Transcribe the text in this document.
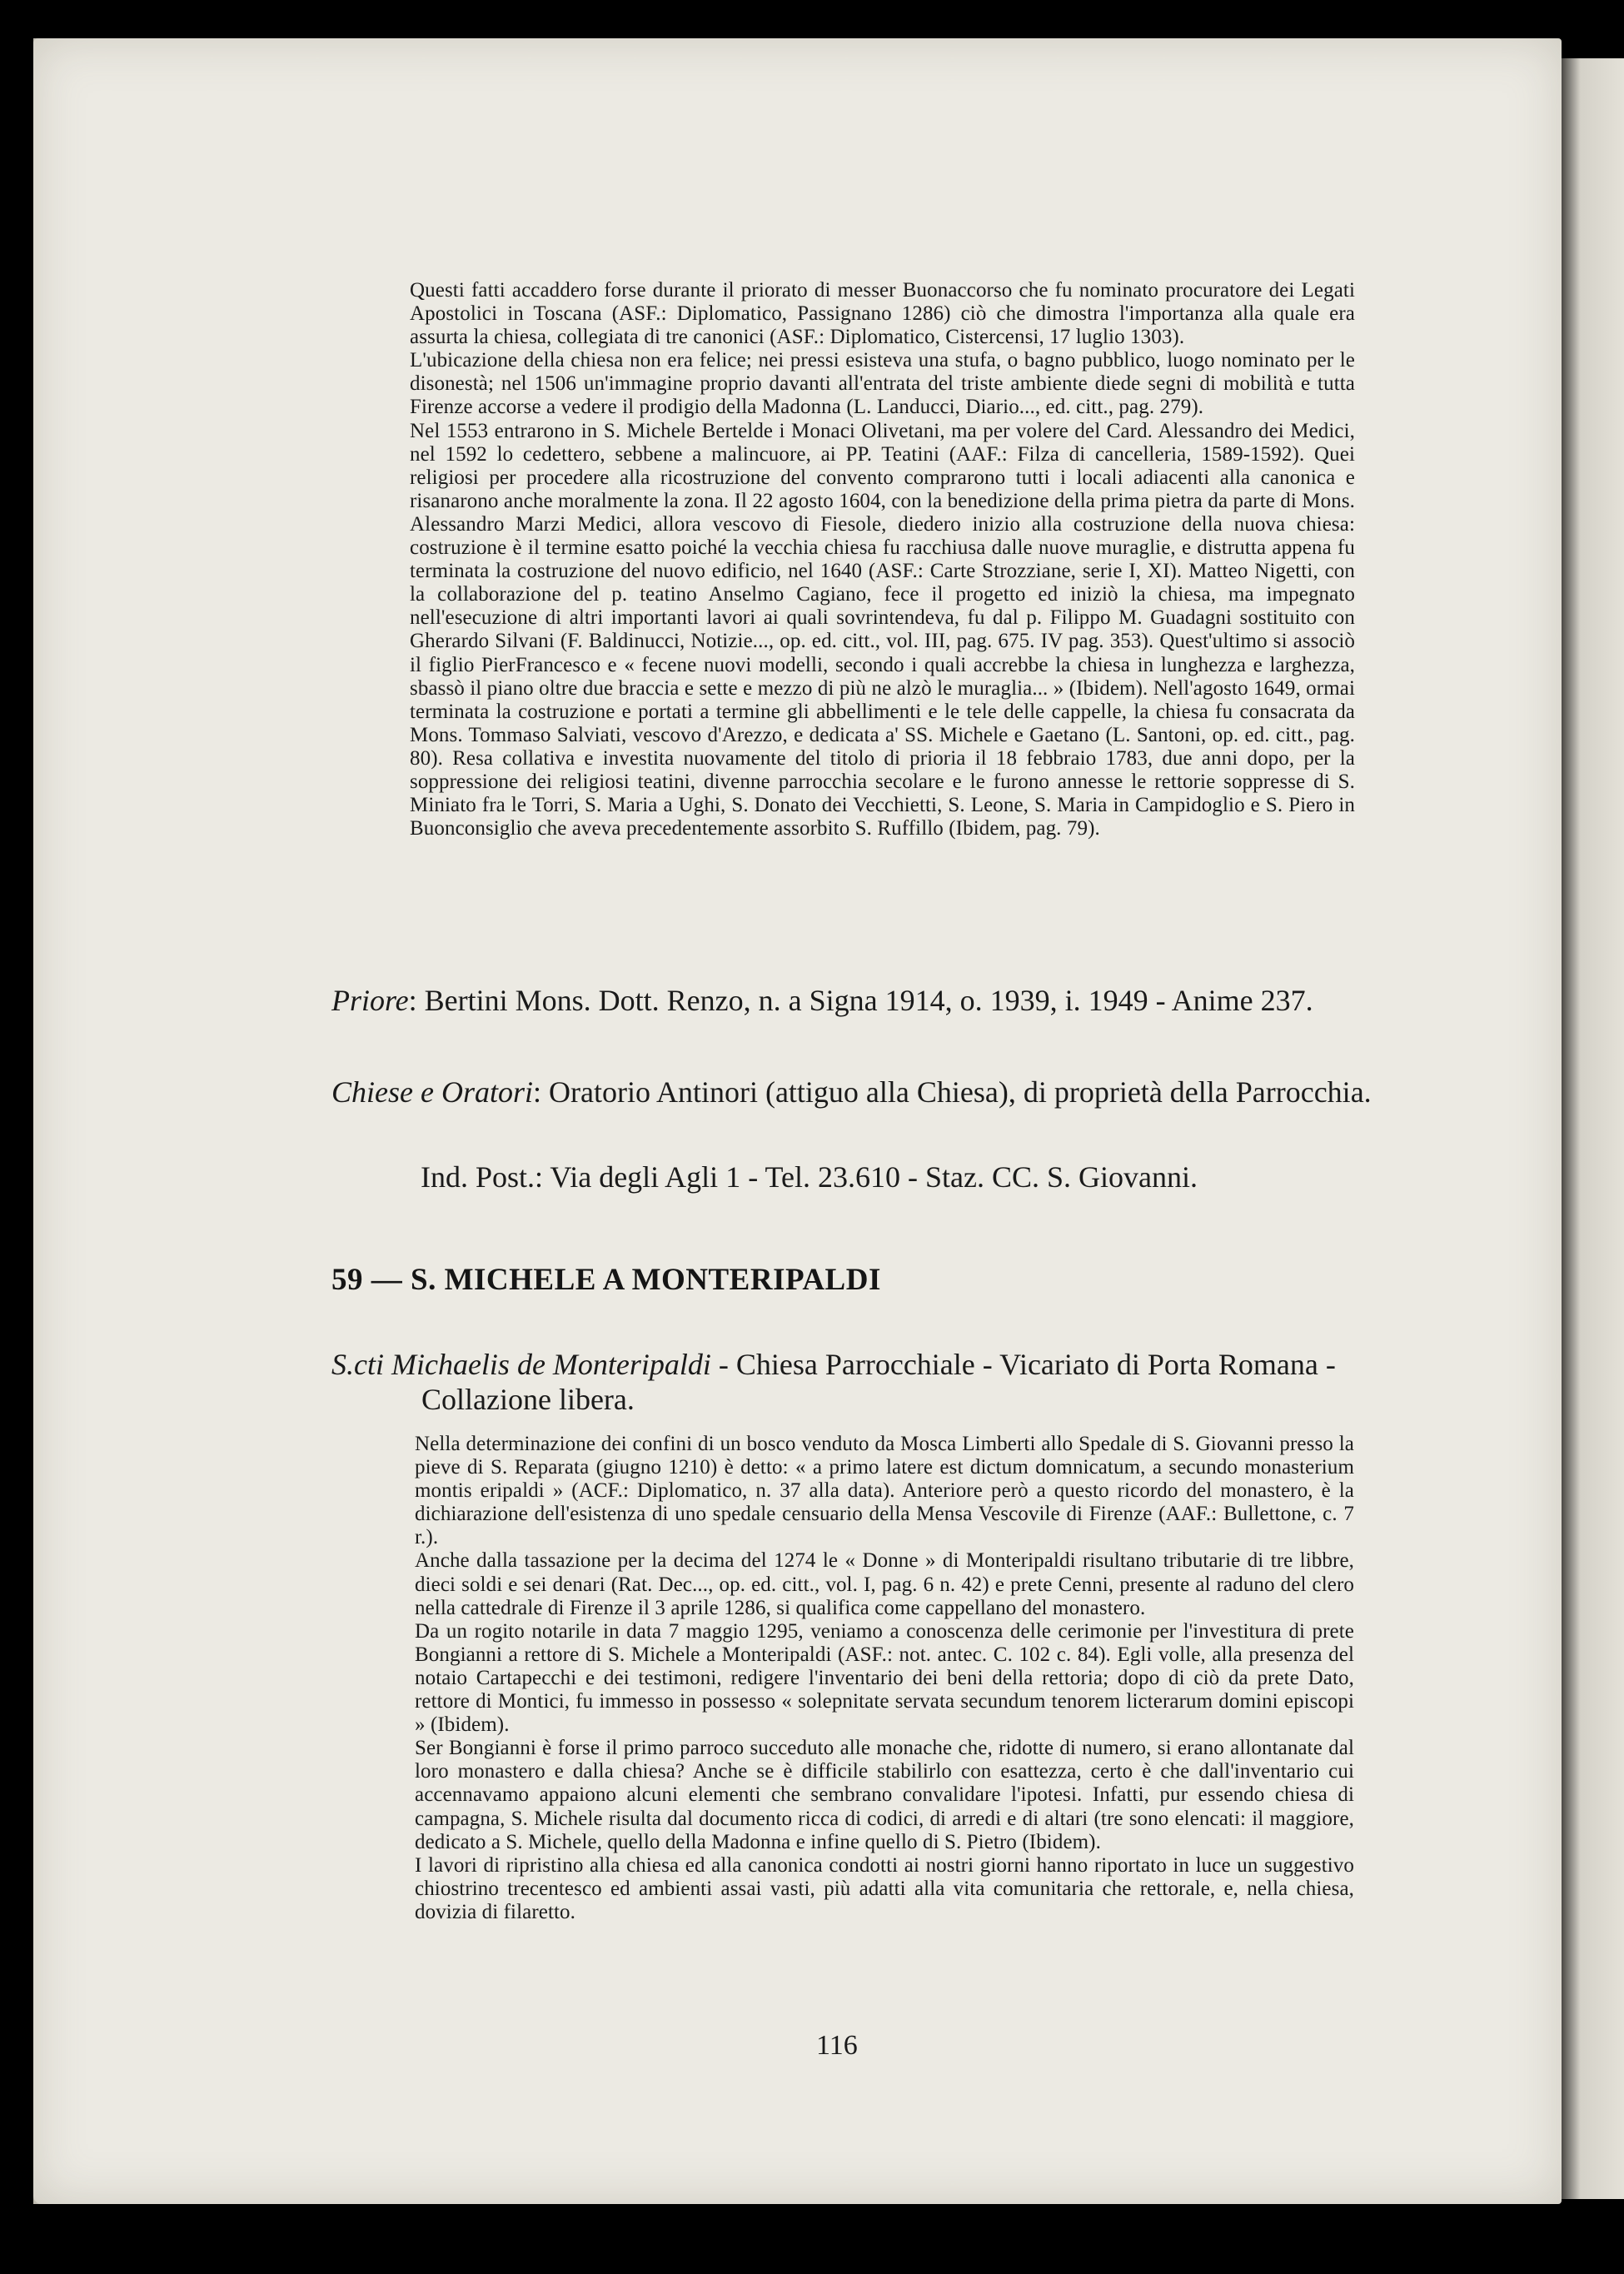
Questi fatti accaddero forse durante il priorato di messer Buonaccorso che fu nominato procuratore dei Legati Apostolici in Toscana (ASF.: Diplomatico, Passignano 1286) ciò che dimostra l'importanza alla quale era assurta la chiesa, collegiata di tre canonici (ASF.: Diplomatico, Cistercensi, 17 luglio 1303).

L'ubicazione della chiesa non era felice; nei pressi esisteva una stufa, o bagno pubblico, luogo nominato per le disonestà; nel 1506 un'immagine proprio davanti all'entrata del triste ambiente diede segni di mobilità e tutta Firenze accorse a vedere il prodigio della Madonna (L. Landucci, Diario..., ed. citt., pag. 279).

Nel 1553 entrarono in S. Michele Bertelde i Monaci Olivetani, ma per volere del Card. Alessandro dei Medici, nel 1592 lo cedettero, sebbene a malincuore, ai PP. Teatini (AAF.: Filza di cancelleria, 1589-1592). Quei religiosi per procedere alla ricostruzione del convento comprarono tutti i locali adiacenti alla canonica e risanarono anche moralmente la zona. Il 22 agosto 1604, con la benedizione della prima pietra da parte di Mons. Alessandro Marzi Medici, allora vescovo di Fiesole, diedero inizio alla costruzione della nuova chiesa: costruzione è il termine esatto poiché la vecchia chiesa fu racchiusa dalle nuove muraglie, e distrutta appena fu terminata la costruzione del nuovo edificio, nel 1640 (ASF.: Carte Strozziane, serie I, XI). Matteo Nigetti, con la collaborazione del p. teatino Anselmo Cagiano, fece il progetto ed iniziò la chiesa, ma impegnato nell'esecuzione di altri importanti lavori ai quali sovrintendeva, fu dal p. Filippo M. Guadagni sostituito con Gherardo Silvani (F. Baldinucci, Notizie..., op. ed. citt., vol. III, pag. 675. IV pag. 353). Quest'ultimo si associò il figlio PierFrancesco e « fecene nuovi modelli, secondo i quali accrebbe la chiesa in lunghezza e larghezza, sbassò il piano oltre due braccia e sette e mezzo di più ne alzò le muraglia... » (Ibidem). Nell'agosto 1649, ormai terminata la costruzione e portati a termine gli abbellimenti e le tele delle cappelle, la chiesa fu consacrata da Mons. Tommaso Salviati, vescovo d'Arezzo, e dedicata a' SS. Michele e Gaetano (L. Santoni, op. ed. citt., pag. 80). Resa collativa e investita nuovamente del titolo di prioria il 18 febbraio 1783, due anni dopo, per la soppressione dei religiosi teatini, divenne parrocchia secolare e le furono annesse le rettorie soppresse di S. Miniato fra le Torri, S. Maria a Ughi, S. Donato dei Vecchietti, S. Leone, S. Maria in Campidoglio e S. Piero in Buonconsiglio che aveva precedentemente assorbito S. Ruffillo (Ibidem, pag. 79).

Priore: Bertini Mons. Dott. Renzo, n. a Signa 1914, o. 1939, i. 1949 - Anime 237.
Chiese e Oratori: Oratorio Antinori (attiguo alla Chiesa), di proprietà della Parrocchia.
Ind. Post.: Via degli Agli 1 - Tel. 23.610 - Staz. CC. S. Giovanni.
59 — S. MICHELE A MONTERIPALDI
S.cti Michaelis de Monteripaldi - Chiesa Parrocchiale - Vicariato di Porta Romana - Collazione libera.

Nella determinazione dei confini di un bosco venduto da Mosca Limberti allo Spedale di S. Giovanni presso la pieve di S. Reparata (giugno 1210) è detto: « a primo latere est dictum domnicatum, a secundo monasterium montis eripaldi » (ACF.: Diplomatico, n. 37 alla data). Anteriore però a questo ricordo del monastero, è la dichiarazione dell'esistenza di uno spedale censuario della Mensa Vescovile di Firenze (AAF.: Bullettone, c. 7 r.).

Anche dalla tassazione per la decima del 1274 le « Donne » di Monteripaldi risultano tributarie di tre libbre, dieci soldi e sei denari (Rat. Dec..., op. ed. citt., vol. I, pag. 6 n. 42) e prete Cenni, presente al raduno del clero nella cattedrale di Firenze il 3 aprile 1286, si qualifica come cappellano del monastero.

Da un rogito notarile in data 7 maggio 1295, veniamo a conoscenza delle cerimonie per l'investitura di prete Bongianni a rettore di S. Michele a Monteripaldi (ASF.: not. antec. C. 102 c. 84). Egli volle, alla presenza del notaio Cartapecchi e dei testimoni, redigere l'inventario dei beni della rettoria; dopo di ciò da prete Dato, rettore di Montici, fu immesso in possesso « solepnitate servata secundum tenorem licterarum domini episcopi » (Ibidem).

Ser Bongianni è forse il primo parroco succeduto alle monache che, ridotte di numero, si erano allontanate dal loro monastero e dalla chiesa? Anche se è difficile stabilirlo con esattezza, certo è che dall'inventario cui accennavamo appaiono alcuni elementi che sembrano convalidare l'ipotesi. Infatti, pur essendo chiesa di campagna, S. Michele risulta dal documento ricca di codici, di arredi e di altari (tre sono elencati: il maggiore, dedicato a S. Michele, quello della Madonna e infine quello di S. Pietro (Ibidem).

I lavori di ripristino alla chiesa ed alla canonica condotti ai nostri giorni hanno riportato in luce un suggestivo chiostrino trecentesco ed ambienti assai vasti, più adatti alla vita comunitaria che rettorale, e, nella chiesa, dovizia di filaretto.

116
